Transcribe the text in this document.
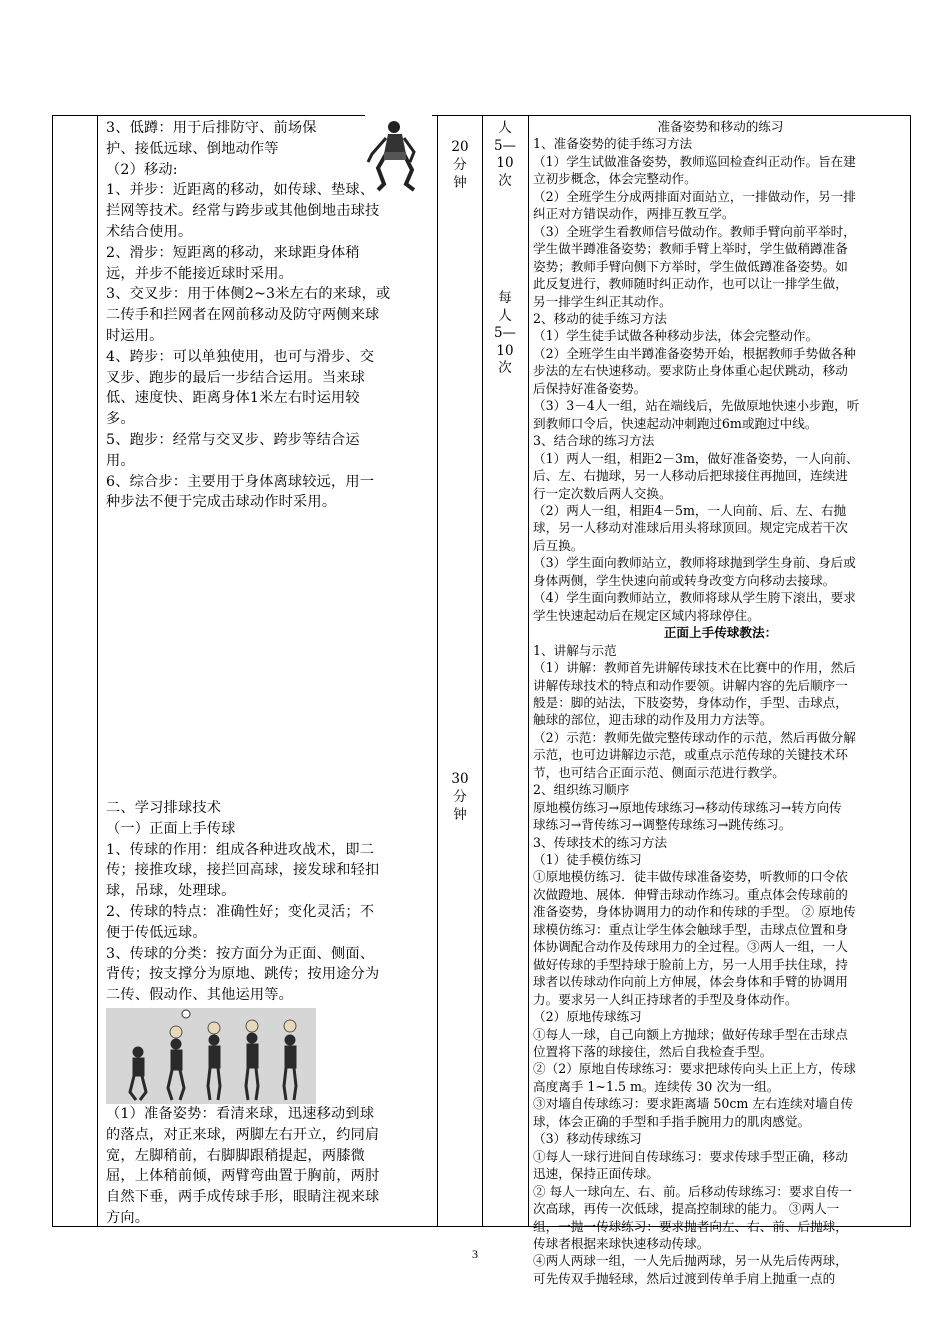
3、低蹲：用于后排防守、前场保

护、接低远球、倒地动作等

（2）移动:

1、并步：近距离的移动，如传球、垫球、

拦网等技术。经常与跨步或其他倒地击球技

术结合使用。

2、滑步：短距离的移动，来球距身体稍

远，并步不能接近球时采用。

3、交叉步：用于体侧2~3米左右的来球，或

二传手和拦网者在网前移动及防守两侧来球

时运用。

4、跨步：可以单独使用，也可与滑步、交

叉步、跑步的最后一步结合运用。当来球

低、速度快、距离身体1米左右时运用较

多。

5、跑步：经常与交叉步、跨步等结合运

用。

6、综合步：主要用于身体离球较远，用一

种步法不便于完成击球动作时采用。

二、学习排球技术

（一）正面上手传球

1、传球的作用：组成各种进攻战术，即二

传；接推攻球，接拦回高球，接发球和轻扣

球，吊球，处理球。

2、传球的特点：准确性好；变化灵活；不

便于传低远球。

3、传球的分类：按方面分为正面、侧面、

背传；按支撑分为原地、跳传；按用途分为

二传、假动作、其他运用等。

（1）准备姿势：看清来球，迅速移动到球

的落点，对正来球，两脚左右开立，约同肩

宽，左脚稍前，右脚脚跟稍提起，两膝微

屈，上体稍前倾，两臂弯曲置于胸前，两肘

自然下垂，两手成传球手形，眼睛注视来球

方向。

20
分
钟
30
分
钟
人
5—
10
次
每
人
5—
10
次

准备姿势和移动的练习

1、准备姿势的徒手练习方法

（1）学生试做准备姿势，教师巡回检查纠正动作。旨在建

立初步概念，体会完整动作。

（2）全班学生分成两排面对面站立，一排做动作，另一排

纠正对方错误动作，两排互教互学。

（3）全班学生看教师信号做动作。教师手臂向前平举时，

学生做半蹲准备姿势；教师手臂上举时，学生做稍蹲准备

姿势；教师手臂向侧下方举时，学生做低蹲准备姿势。如

此反复进行，教师随时纠正动作，也可以让一排学生做，

另一排学生纠正其动作。

2、移动的徒手练习方法

（1）学生徒手试做各种移动步法，体会完整动作。

（2）全班学生由半蹲准备姿势开始，根据教师手势做各种

步法的左右快速移动。要求防止身体重心起伏跳动，移动

后保持好准备姿势。

（3）3－4人一组，站在端线后，先做原地快速小步跑，听

到教师口令后，快速起动冲刺跑过6m或跑过中线。

3、结合球的练习方法

（1）两人一组，相距2－3m，做好准备姿势，一人向前、

后、左、右抛球，另一人移动后把球接住再抛回，连续进

行一定次数后两人交换。

（2）两人一组，相距4－5m，一人向前、后、左、右抛

球，另一人移动对准球后用头将球顶回。规定完成若干次

后互换。

（3）学生面向教师站立，教师将球抛到学生身前、身后或

身体两侧，学生快速向前或转身改变方向移动去接球。

（4）学生面向教师站立，教师将球从学生胯下滚出，要求

学生快速起动后在规定区域内将球停住。

正面上手传球教法：

1、讲解与示范

（1）讲解：教师首先讲解传球技术在比赛中的作用，然后

讲解传球技术的特点和动作要领。讲解内容的先后顺序一

般是：脚的站法，下肢姿势，身体动作，手型、击球点，

触球的部位，迎击球的动作及用力方法等。

（2）示范：教师先做完整传球动作的示范，然后再做分解

示范，也可边讲解边示范，或重点示范传球的关键技术环

节，也可结合正面示范、侧面示范进行教学。

2、组织练习顺序

原地模仿练习→原地传球练习→移动传球练习→转方向传

球练习→背传练习→调整传球练习→跳传练习。

3、传球技术的练习方法

（1）徒手模仿练习

①原地模仿练习．徒丰做传球准备姿势，听教师的口令依

次做蹬地、展体．伸臂击球动作练习。重点体会传球前的

准备姿势，身体协调用力的动作和传球的手型。 ② 原地传

球模仿练习：重点让学生体会触球手型，击球点位置和身

体协调配合动作及传球用力的全过程。③两人一组，一人

做好传球的手型持球于脸前上方，另一人用手扶住球，持

球者以传球动作向前上方伸展，体会身体和手臂的协调用

力。要求另一人纠正持球者的手型及身体动作。

（2）原地传球练习

①每人一球，自己向额上方抛球；做好传球手型在击球点

位置将下落的球接住，然后自我检查手型。

②（2）原地自传球练习：要求把球传向头上正上方，传球

高度离手 1~1.5 m。连续传 30 次为一组。

③对墙自传球练习：要求距离墙 50cm 左右连续对墙自传

球，体会正确的手型和手指手腕用力的肌肉感觉。

（3）移动传球练习

①每人一球行进间自传球练习：要求传球手型正确，移动

迅速，保持正面传球。

② 每人一球向左、右、前。后移动传球练习：要求自传一

次高球，再传一次低球，提高控制球的能力。 ③两人一

组，一抛一传球练习：要求抛者向左、右、前、后抛球，

传球者根据来球快速移动传球。

④两人两球一组，一人先后抛两球，另一从先后传两球，

可先传双手抛轻球，然后过渡到传单手肩上抛重一点的

3
